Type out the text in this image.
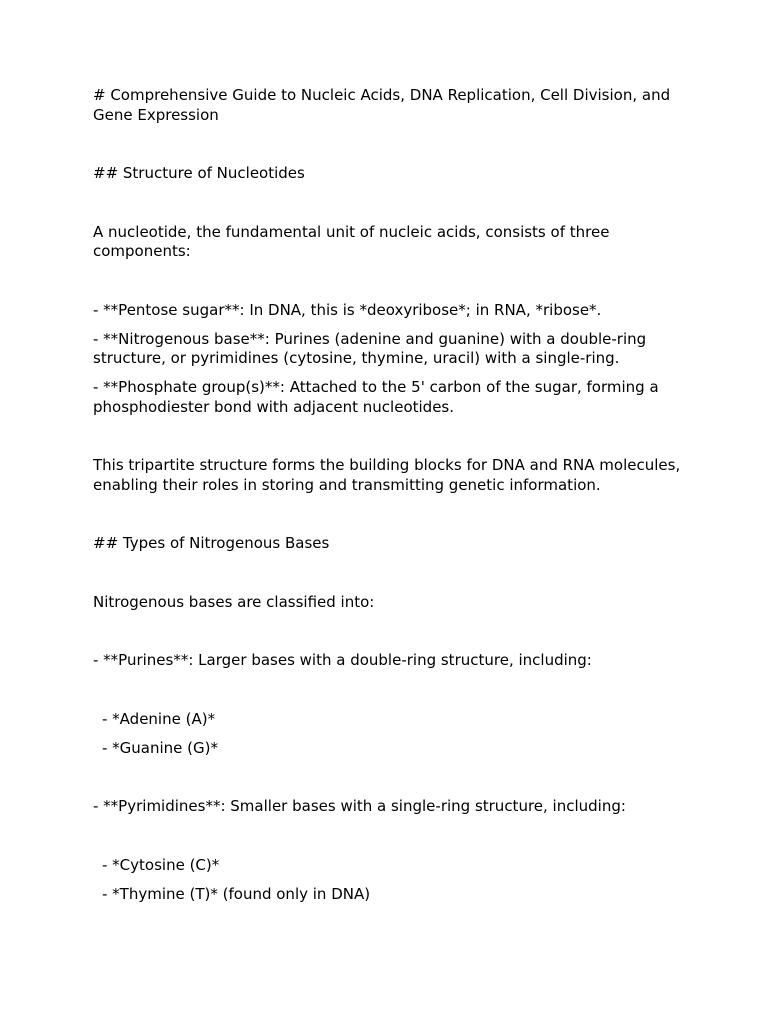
# Comprehensive Guide to Nucleic Acids, DNA Replication, Cell Division, and Gene Expression

## Structure of Nucleotides

A nucleotide, the fundamental unit of nucleic acids, consists of three components:

- **Pentose sugar**: In DNA, this is *deoxyribose*; in RNA, *ribose*.

- **Nitrogenous base**: Purines (adenine and guanine) with a double-ring structure, or pyrimidines (cytosine, thymine, uracil) with a single-ring.

- **Phosphate group(s)**: Attached to the 5' carbon of the sugar, forming a phosphodiester bond with adjacent nucleotides.

This tripartite structure forms the building blocks for DNA and RNA molecules, enabling their roles in storing and transmitting genetic information.

## Types of Nitrogenous Bases

Nitrogenous bases are classified into:

- **Purines**: Larger bases with a double-ring structure, including:

- *Adenine (A)*

- *Guanine (G)*

- **Pyrimidines**: Smaller bases with a single-ring structure, including:

- *Cytosine (C)*

- *Thymine (T)* (found only in DNA)
